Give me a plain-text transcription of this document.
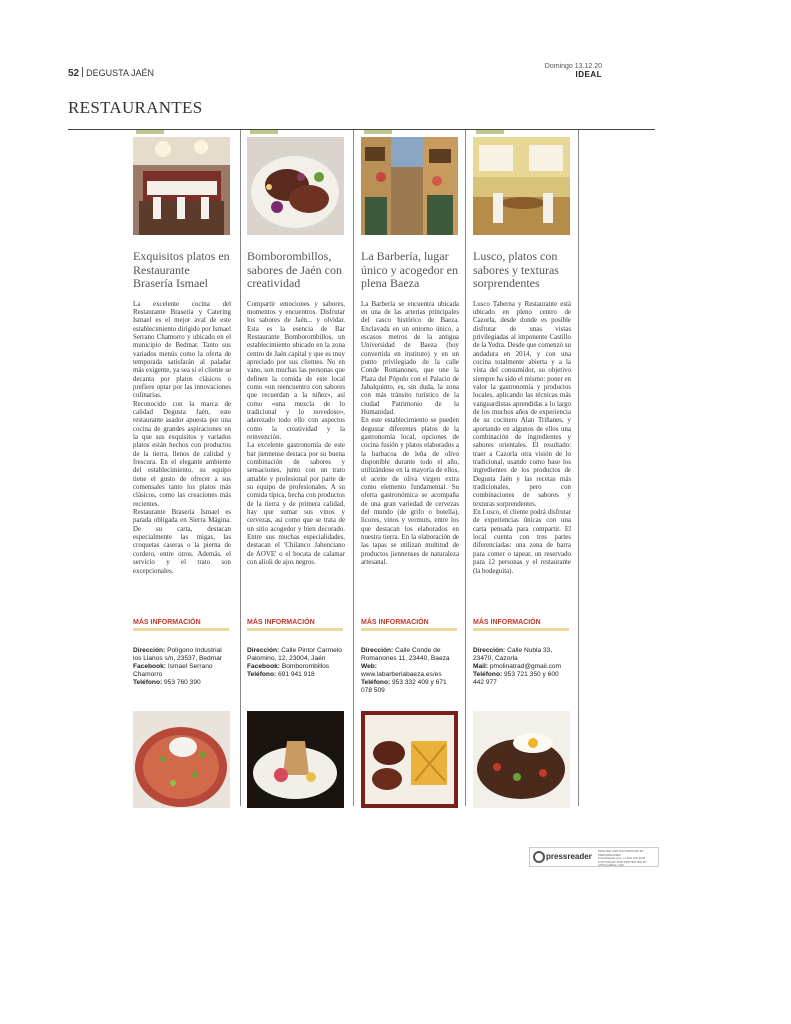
52 DEGUSTA JAÉN
Domingo 13.12.20
IDEAL
RESTAURANTES
Exquisitos platos en Restaurante Brasería Ismael
La excelente cocina del Restaurante Brasería y Catering Ismael es el mejor aval de este establecimiento dirigido por Ismael Serrano Chamorro y ubicado en el municipio de Bedmar. Tanto sus variados menús como la oferta de temporada satisfarán al paladar más exigente, ya sea si el cliente se decanta por platos clásicos o prefiere optar por las innovaciones culinarias.
Reconocido con la marca de calidad Degusta Jaén, este restaurante asador apuesta por una cocina de grandes aspiraciones en la que sus exquisitos y variados platos están hechos con productos de la tierra, llenos de calidad y frescura. En el elegante ambiente del establecimiento, su equipo tiene el gusto de ofrecer a sus comensales tanto los platos más clásicos, como las creaciones más recientes.
Restaurante Brasería Ismael es parada obligada en Sierra Mágina. De su carta, destacan especialmente las migas, las croquetas caseras o la pierna de cordero, entre otros. Además, el servicio y el trato son excepcionales.
Bomborombillos, sabores de Jaén con creatividad
Compartir emociones y sabores, momentos y encuentros. Disfrutar los sabores de Jaén... y olvidar. Esta es la esencia de Bar Restaurante Bomborombillos, un establecimiento ubicado en la zona centro de Jaén capital y que es muy apreciado por sus clientes. No en vano, son muchas las personas que definen la comida de este local como «un reencuentro con sabores que recuerdan a la niñez», así como «una mezcla de lo tradicional y lo novedoso», aderezado todo ello con aspectos como la creatividad y la reinvención.
La excelente gastronomía de este bar jiennense destaca por su buena combinación de sabores y sensaciones, junto con un trato amable y profesional por parte de su equipo de profesionales. A su comida típica, hecha con productos de la tierra y de primera calidad, hay que sumar sus vinos y cervezas, así como que se trata de un sitio acogedor y bien decorado. Entre sus muchas especialidades, destacan el 'Chilanco Jahenciano de AOVE' o el bocata de calamar con alioli de ajos negros.
La Barbería, lugar único y acogedor en plena Baeza
La Barbería se encuentra ubicada en una de las arterias principales del casco histórico de Baeza. Enclavada en un entorno único, a escasos metros de la antigua Universidad de Baeza (hoy convertida en instituto) y en un punto privilegiado de la calle Conde Romanones, que une la Plaza del Pópulo con el Palacio de Jabalquinto, es, sin duda, la zona con más tránsito turístico de la ciudad Patrimonio de la Humanidad.
En este establecimiento se pueden degustar diferentes platos de la gastronomía local, opciones de cocina fusión y platos elaborados a la barbacoa de leña de olivo disponible durante todo el año, utilizándose en la mayoría de ellos, el aceite de oliva virgen extra como elemento fundamental. Su oferta gastronómica se acompaña de una gran variedad de cervezas del mundo (de grifo o botella), licores, vinos y vermuts, entre los que destacan los elaborados en nuestra tierra. En la elaboración de las tapas se utilizan multitud de productos jiennenses de naturaleza artesanal.
Lusco, platos con sabores y texturas sorprendentes
Lusco Taberna y Restaurante está ubicado en pleno centro de Cazorla, desde donde es posible disfrutar de unas vistas privilegiadas al imponente Castillo de la Yedra. Desde que comenzó su andadura en 2014, y con una cocina totalmente abierta y a la vista del consumidor, su objetivo siempre ha sido el mismo: poner en valor la gastronomía y productos locales, aplicando las técnicas más vanguardistas aprendidas a lo largo de los muchos años de experiencia de su cocinero Alan Triñanes, y aportando en algunos de ellos una combinación de ingredientes y sabores orientales. El resultado: traer a Cazorla otra visión de lo tradicional, usando como base los ingredientes de los productos de Degusta Jaén y las recetas más tradicionales, pero con combinaciones de sabores y texturas sorprendentes.
En Lusco, el cliente podrá disfrutar de experiencias únicas con una carta pensada para compartir. El local cuenta con tres partes diferenciadas: una zona de barra para comer o tapear, un reservado para 12 personas y el restaurante (la bodeguita).
MÁS INFORMACIÓN	MÁS INFORMACIÓN	MÁS INFORMACIÓN	MÁS INFORMACIÓN
Dirección: Polígono Industrial los Llanos s/n, 23537, Bedmar
Facebook: Ismael Serrano Chamorro
Teléfono: 953 760 390
Dirección: Calle Pintor Carmelo Palomino, 12, 23004, Jaén
Facebook: Bomborombillos
Teléfono: 691 941 918
Dirección: Calle Conde de Romanones 11, 23440, Baeza
Web: www.labarberiabaeza.es/es
Teléfono: 953 332 409 y 671 078 509
Dirección: Calle Nubla 33, 23470, Cazorla
Mail: pmolinatrad@gmail.com
Teléfono: 953 721 350 y 600 442 977
pressreader
PRINTED AND DISTRIBUTED BY PRESSREADER
PressReader.com +1 604 278 4604
COPYRIGHT AND PROTECTED BY APPLICABLE LAW
